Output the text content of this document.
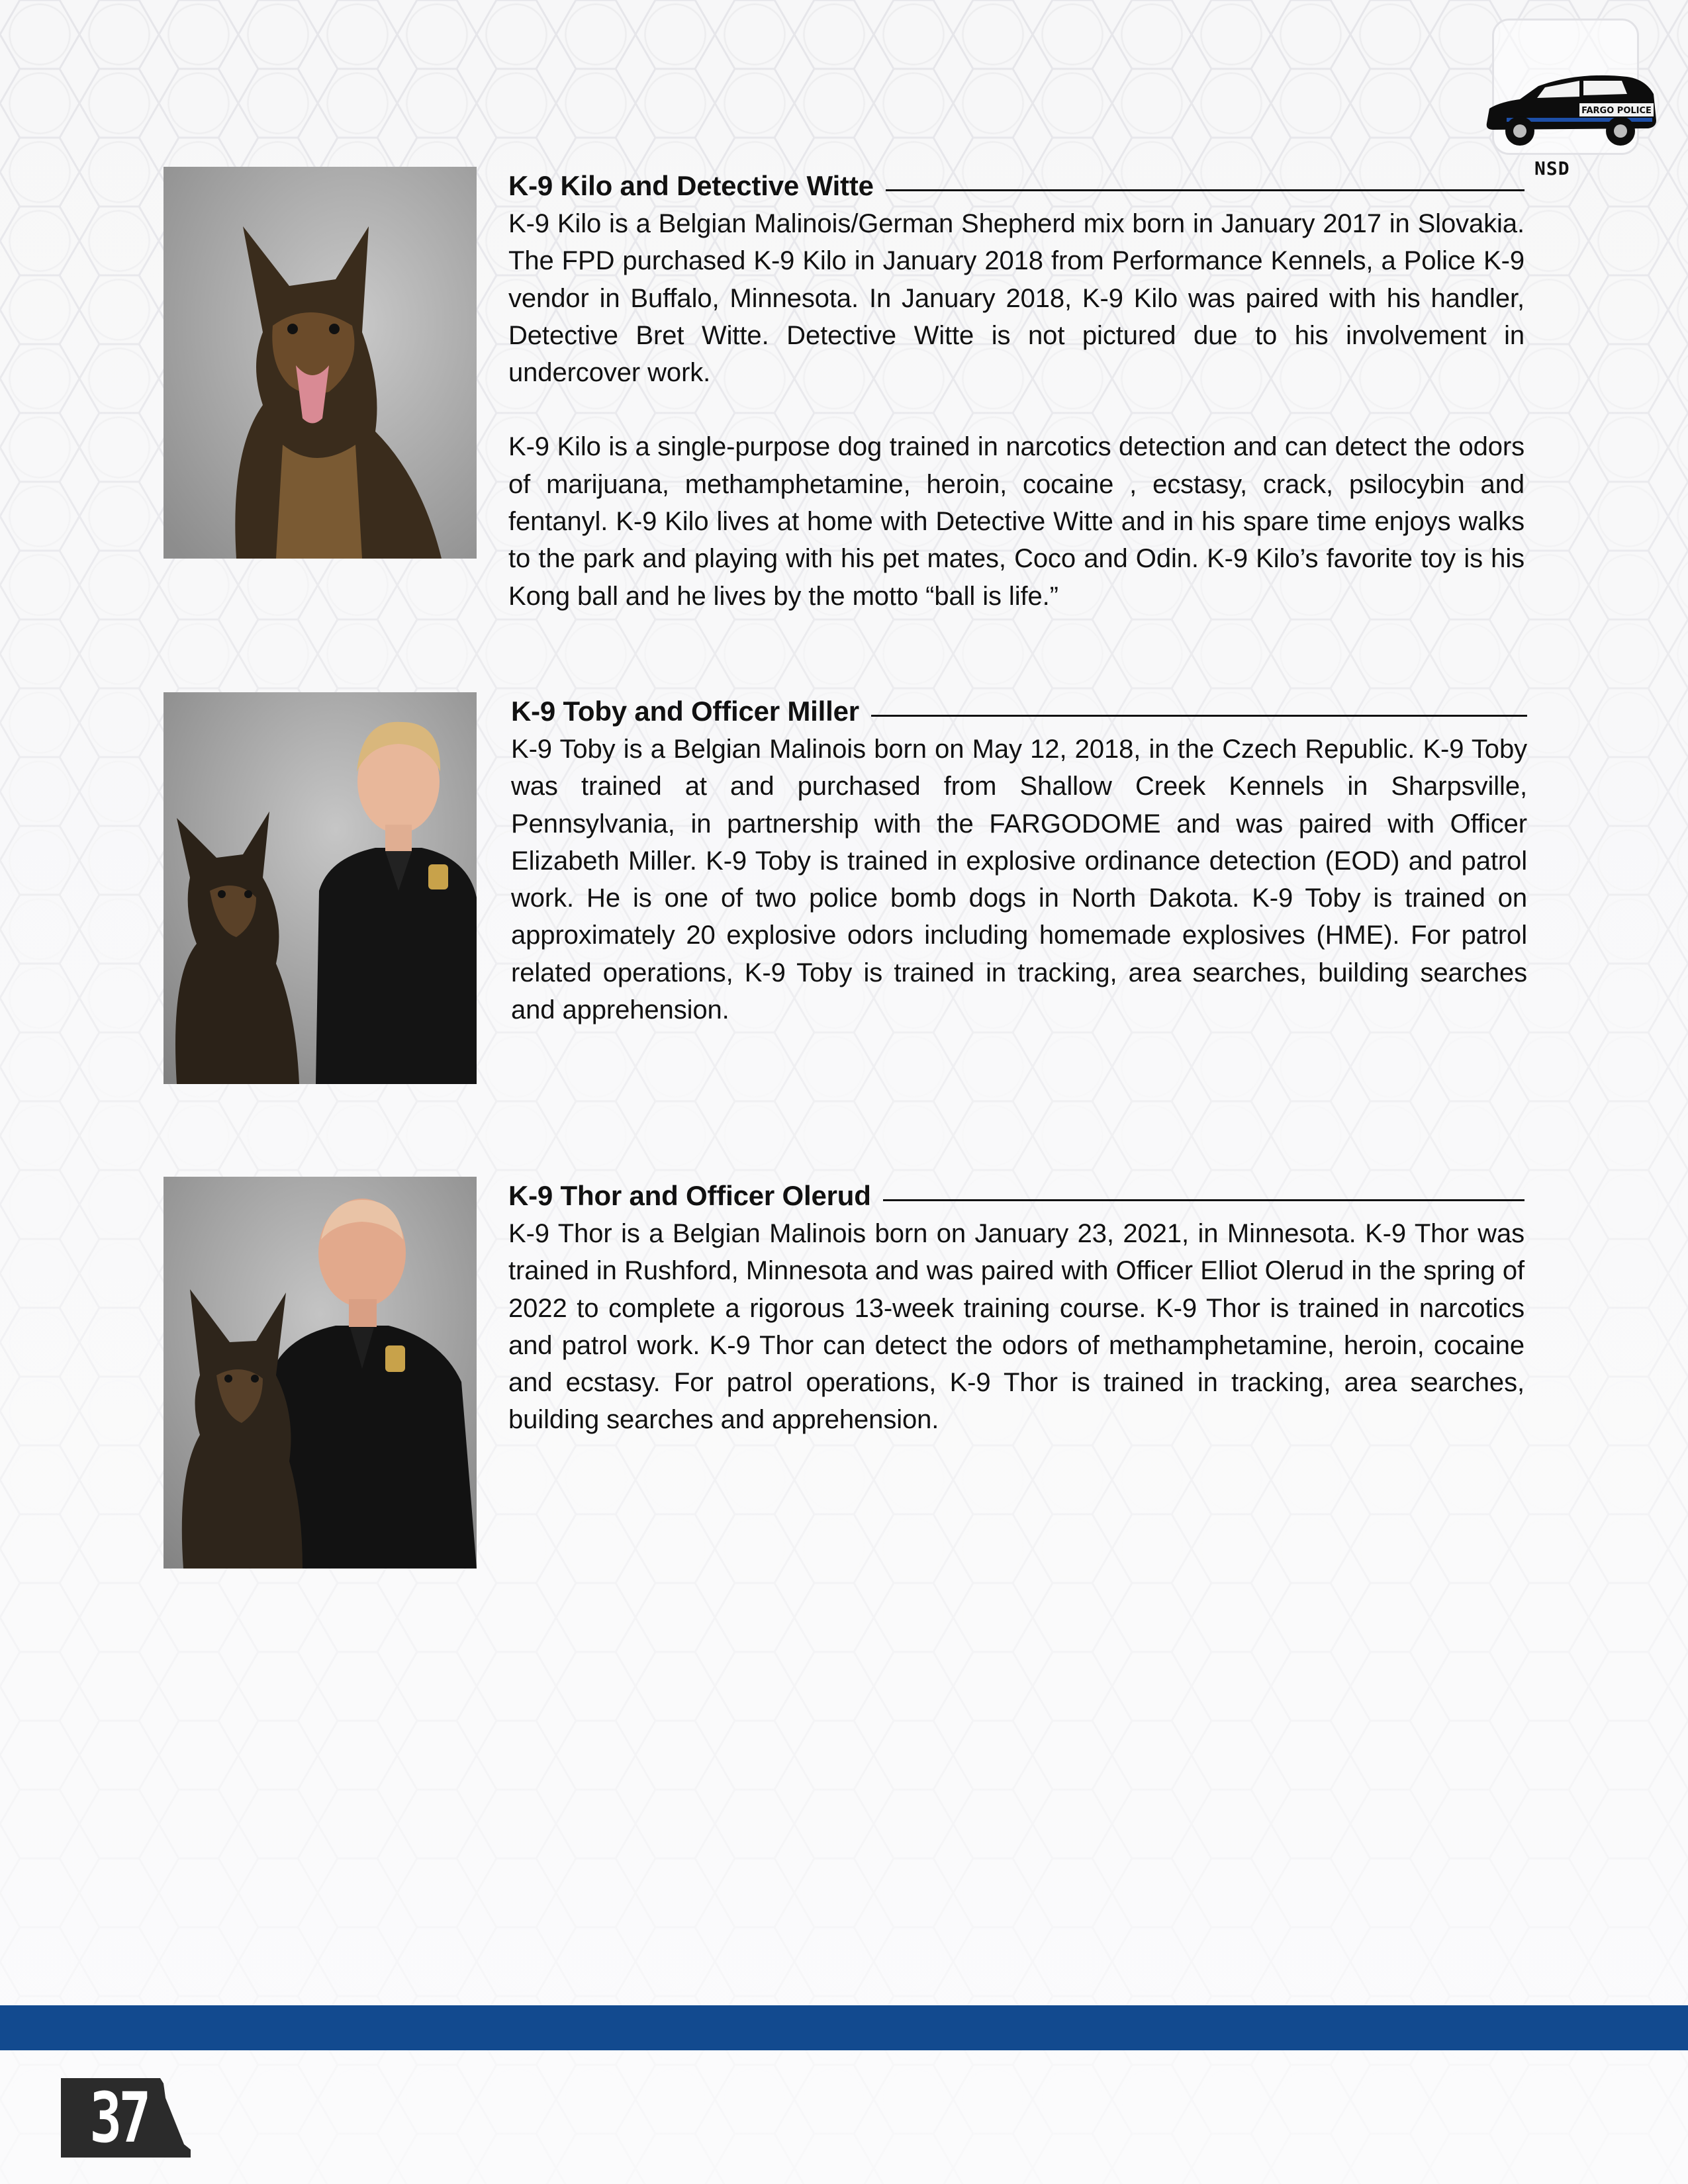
FARGO POLICE
NSD
K-9 Kilo and Detective Witte

K-9 Kilo is a Belgian Malinois/German Shepherd mix born in January 2017 in Slovakia. The FPD purchased K-9 Kilo in January 2018 from Performance Kennels, a Police K-9 vendor in Buffalo, Minnesota. In January 2018, K-9 Kilo was paired with his handler, Detective Bret Witte. Detective Witte is not pictured due to his involvement in undercover work.

K-9 Kilo is a single-purpose dog trained in narcotics detection and can detect the odors of marijuana, methamphetamine, heroin, cocaine , ecstasy, crack, psilocybin and fentanyl. K-9 Kilo lives at home with Detective Witte and in his spare time enjoys walks to the park and playing with his pet mates, Coco and Odin. K-9 Kilo’s favorite toy is his Kong ball and he lives by the motto “ball is life.”

K-9 Toby and Officer Miller

K-9 Toby is a Belgian Malinois born on May 12, 2018, in the Czech Republic. K-9 Toby was trained at and purchased from Shallow Creek Kennels in Sharpsville, Pennsylvania, in partnership with the FARGODOME and was paired with Officer Elizabeth Miller. K-9 Toby is trained in explosive ordinance detection (EOD) and patrol work. He is one of two police bomb dogs in North Dakota. K-9 Toby is trained on approximately 20 explosive odors including homemade explosives (HME). For patrol related operations, K-9 Toby is trained in tracking, area searches, building searches and apprehension.

K-9 Thor and Officer Olerud

K-9 Thor is a Belgian Malinois born on January 23, 2021, in Minnesota. K-9 Thor was trained in Rushford, Minnesota and was paired with Officer Elliot Olerud in the spring of 2022 to complete a rigorous 13-week training course. K-9 Thor is trained in narcotics and patrol work. K-9 Thor can detect the odors of methamphetamine, heroin, cocaine and ecstasy. For patrol operations, K-9 Thor is trained in tracking, area searches, building searches and apprehension.

37
